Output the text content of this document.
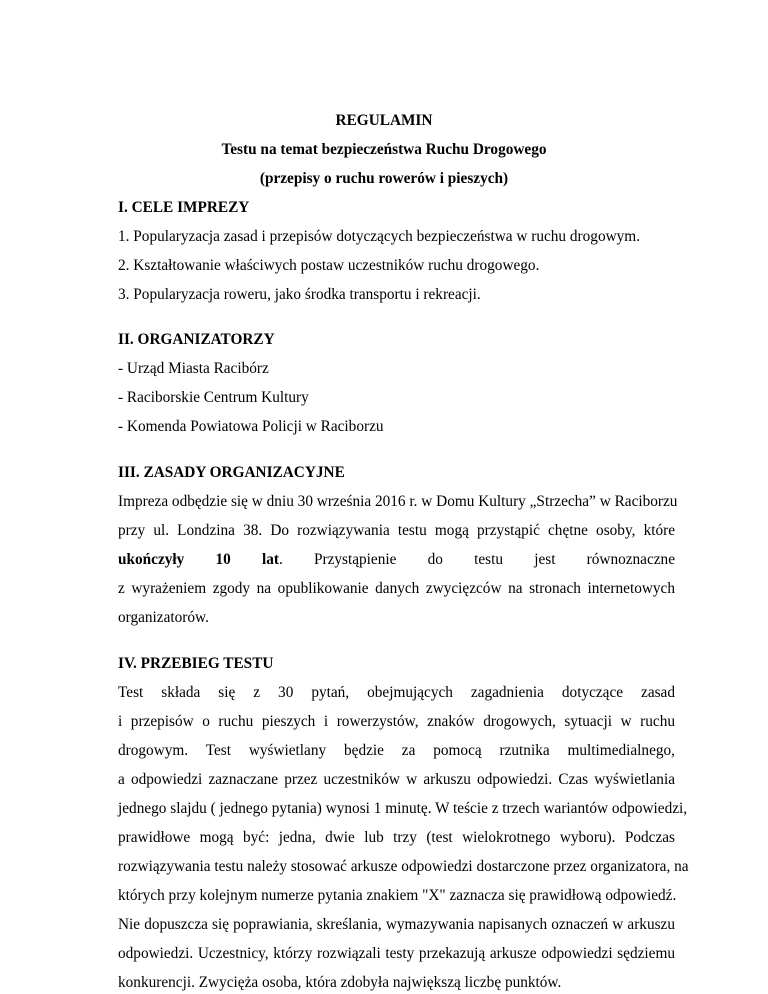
REGULAMIN
Testu na temat bezpieczeństwa Ruchu Drogowego
(przepisy o ruchu rowerów i pieszych)
I. CELE IMPREZY
1. Popularyzacja zasad i przepisów dotyczących bezpieczeństwa w ruchu drogowym.
2. Kształtowanie właściwych postaw uczestników ruchu drogowego.
3. Popularyzacja roweru, jako środka transportu i rekreacji.
II. ORGANIZATORZY
- Urząd Miasta Racibórz
- Raciborskie Centrum Kultury
- Komenda Powiatowa Policji w Raciborzu
III. ZASADY ORGANIZACYJNE
Impreza odbędzie się w dniu 30 września 2016 r. w Domu Kultury „Strzecha” w Raciborzu
przy ul. Londzina 38. Do rozwiązywania testu mogą przystąpić chętne osoby, które
ukończyły 10 lat. Przystąpienie do testu jest równoznaczne
z wyrażeniem zgody na opublikowanie danych zwycięzców na stronach internetowych
organizatorów.
IV. PRZEBIEG TESTU
Test składa się z 30 pytań, obejmujących zagadnienia dotyczące zasad
i przepisów o ruchu pieszych i rowerzystów, znaków drogowych, sytuacji w ruchu
drogowym. Test wyświetlany będzie za pomocą rzutnika multimedialnego,
a odpowiedzi zaznaczane przez uczestników w arkuszu odpowiedzi. Czas wyświetlania
jednego slajdu ( jednego pytania) wynosi 1 minutę. W teście z trzech wariantów odpowiedzi,
prawidłowe mogą być: jedna, dwie lub trzy (test wielokrotnego wyboru). Podczas
rozwiązywania testu należy stosować arkusze odpowiedzi dostarczone przez organizatora, na
których przy kolejnym numerze pytania znakiem "X" zaznacza się prawidłową odpowiedź.
Nie dopuszcza się poprawiania, skreślania, wymazywania napisanych oznaczeń w arkuszu
odpowiedzi. Uczestnicy, którzy rozwiązali testy przekazują arkusze odpowiedzi sędziemu
konkurencji. Zwycięża osoba, która zdobyła największą liczbę punktów.
